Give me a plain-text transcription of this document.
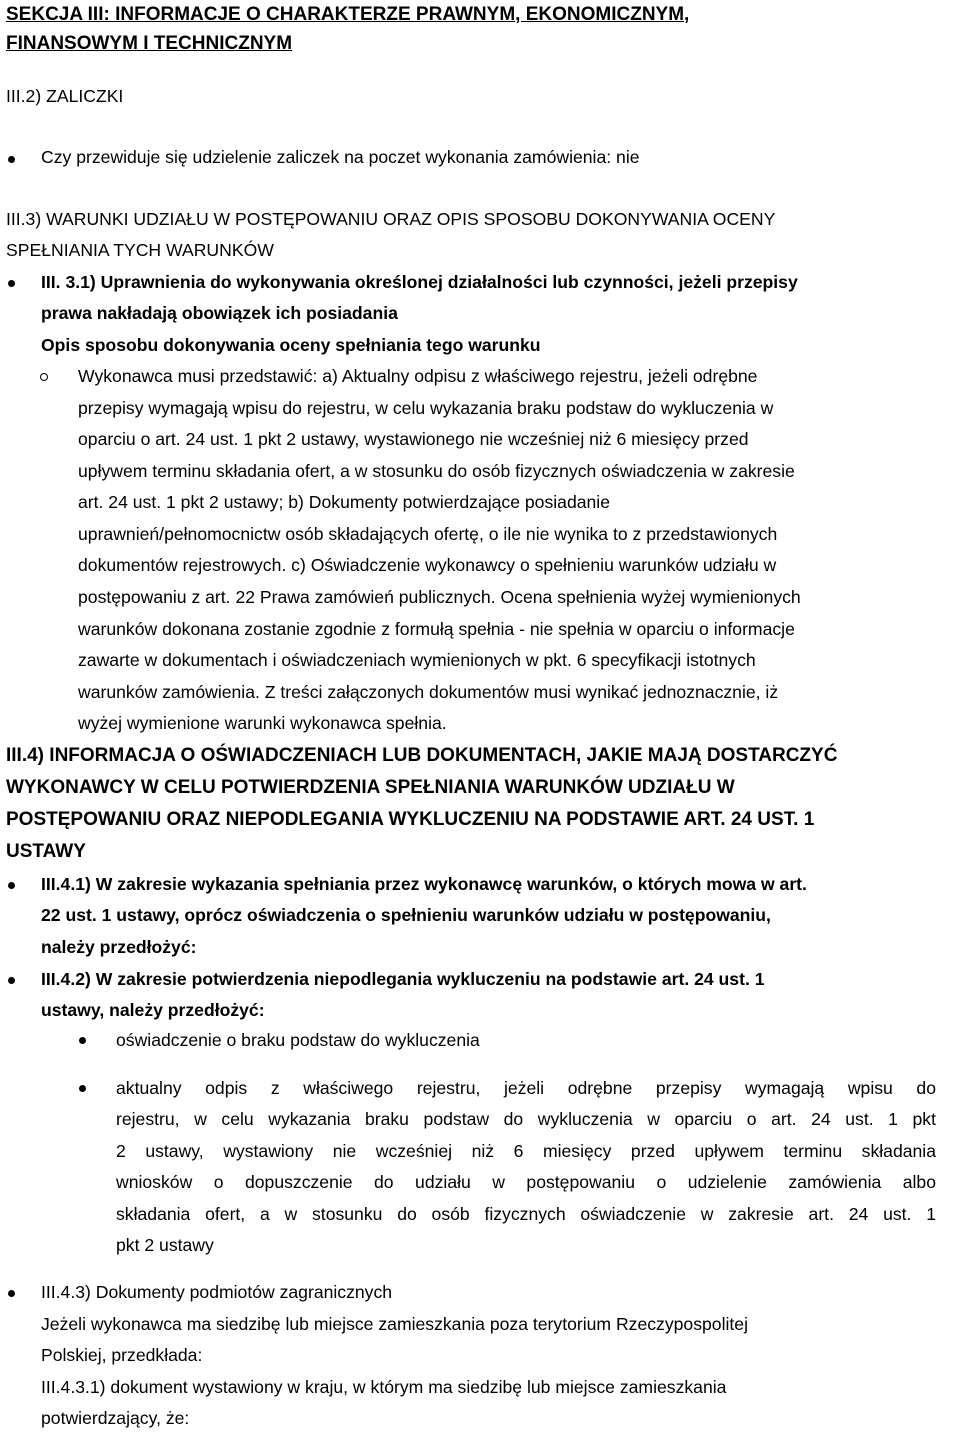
SEKCJA III: INFORMACJE O CHARAKTERZE PRAWNYM, EKONOMICZNYM,
FINANSOWYM I TECHNICZNYM
III.2) ZALICZKI
Czy przewiduje się udzielenie zaliczek na poczet wykonania zamówienia: nie
III.3) WARUNKI UDZIAŁU W POSTĘPOWANIU ORAZ OPIS SPOSOBU DOKONYWANIA OCENY
SPEŁNIANIA TYCH WARUNKÓW
III. 3.1) Uprawnienia do wykonywania określonej działalności lub czynności, jeżeli przepisy
prawa nakładają obowiązek ich posiadania
Opis sposobu dokonywania oceny spełniania tego warunku
Wykonawca musi przedstawić: a) Aktualny odpisu z właściwego rejestru, jeżeli odrębne
przepisy wymagają wpisu do rejestru, w celu wykazania braku podstaw do wykluczenia w
oparciu o art. 24 ust. 1 pkt 2 ustawy, wystawionego nie wcześniej niż 6 miesięcy przed
upływem terminu składania ofert, a w stosunku do osób fizycznych oświadczenia w zakresie
art. 24 ust. 1 pkt 2 ustawy; b) Dokumenty potwierdzające posiadanie
uprawnień/pełnomocnictw osób składających ofertę, o ile nie wynika to z przedstawionych
dokumentów rejestrowych. c) Oświadczenie wykonawcy o spełnieniu warunków udziału w
postępowaniu z art. 22 Prawa zamówień publicznych. Ocena spełnienia wyżej wymienionych
warunków dokonana zostanie zgodnie z formułą spełnia - nie spełnia w oparciu o informacje
zawarte w dokumentach i oświadczeniach wymienionych w pkt. 6 specyfikacji istotnych
warunków zamówienia. Z treści załączonych dokumentów musi wynikać jednoznacznie, iż
wyżej wymienione warunki wykonawca spełnia.
III.4) INFORMACJA O OŚWIADCZENIACH LUB DOKUMENTACH, JAKIE MAJĄ DOSTARCZYĆ
WYKONAWCY W CELU POTWIERDZENIA SPEŁNIANIA WARUNKÓW UDZIAŁU W
POSTĘPOWANIU ORAZ NIEPODLEGANIA WYKLUCZENIU NA PODSTAWIE ART. 24 UST. 1
USTAWY
III.4.1) W zakresie wykazania spełniania przez wykonawcę warunków, o których mowa w art.
22 ust. 1 ustawy, oprócz oświadczenia o spełnieniu warunków udziału w postępowaniu,
należy przedłożyć:
III.4.2) W zakresie potwierdzenia niepodlegania wykluczeniu na podstawie art. 24 ust. 1
ustawy, należy przedłożyć:
oświadczenie o braku podstaw do wykluczenia
aktualny odpis z właściwego rejestru, jeżeli odrębne przepisy wymagają wpisu do
rejestru, w celu wykazania braku podstaw do wykluczenia w oparciu o art. 24 ust. 1 pkt
2 ustawy, wystawiony nie wcześniej niż 6 miesięcy przed upływem terminu składania
wniosków o dopuszczenie do udziału w postępowaniu o udzielenie zamówienia albo
składania ofert, a w stosunku do osób fizycznych oświadczenie w zakresie art. 24 ust. 1
pkt 2 ustawy
III.4.3) Dokumenty podmiotów zagranicznych
Jeżeli wykonawca ma siedzibę lub miejsce zamieszkania poza terytorium Rzeczypospolitej
Polskiej, przedkłada:
III.4.3.1) dokument wystawiony w kraju, w którym ma siedzibę lub miejsce zamieszkania
potwierdzający, że:
